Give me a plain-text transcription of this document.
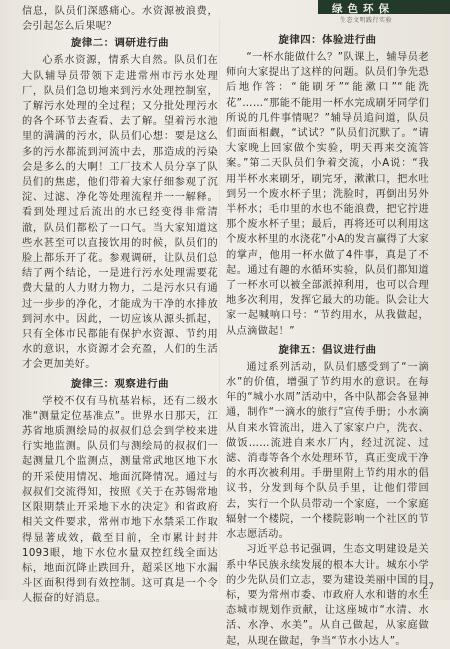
绿色环保
生态文明践行实验

信息，队员们深感痛心。水资源被浪费，会引起怎么后果呢？

旋律二：调研进行曲

心系水资源，情系大自然。队员们在大队辅导员带领下走进常州市污水处理厂，队员们急切地来到污水处理控制室，了解污水处理的全过程；又分批处理污水的各个环节去查看、去了解。望着污水池里的满满的污水，队员们心想：要是这么多的污水都流到河流中去，那造成的污染会是多么的大啊！工厂技术人员分享了队员们的焦虑，他们带着大家仔细参观了沉淀、过滤、净化等处理流程并一一解释。看到处理过后流出的水已经变得非常清澈，队员们都松了一口气。当大家知道这些水甚至可以直接饮用的时候，队员们的脸上都乐开了花。参观调研，让队员们总结了两个结论，一是进行污水处理需要花费大量的人力财力物力，二是污水只有通过一步步的净化，才能成为干净的水排放到河水中。因此，一切应该从源头抓起，只有全体市民都能有保护水资源、节约用水的意识，水资源才会充盈，人们的生活才会更加美好。

旋律三：观察进行曲

学校不仅有马杭基岩标，还有二级水准“测量定位基准点”。世界水日那天，江苏省地质测绘局的叔叔们总会到学校来进行实地监测。队员们与测绘局的叔叔们一起测量几个监测点，测量常武地区地下水的开采使用情况、地面沉降情况。通过与叔叔们交流得知，按照《关于在苏锡常地区限期禁止开采地下水的决定》和省政府相关文件要求，常州市地下水禁采工作取得显著成效，截至目前，全市累计封井1093眼，地下水位水量双控红线全面达标，地面沉降止跌回升，超采区地下水漏斗区面积得到有效控制。这可真是一个令人振奋的好消息。

旋律四：体验进行曲

“一杯水能做什么？”队课上，辅导员老师向大家提出了这样的问题。队员们争先恐后地作答：“能刷牙”“能漱口”“能洗花”……“那能不能用一杯水完成刷牙同学们所说的几件事情呢？”辅导员追问道，队员们面面相觑，“试试？”队员们沉默了。“请大家晚上回家做个实验，明天再来交流答案。”第二天队员们争着交流，小A说：“我用半杯水来刷牙，刷完牙，漱漱口，把水吐到另一个废水杯子里；洗脸时，再倒出另外半杯水；毛巾里的水也不能浪费，把它拧进那个废水杯子里；最后，再将还可以利用这个废水杯里的水浇花”小A的发言赢得了大家的掌声，他用一杯水做了4件事，真是了不起。通过有趣的水循环实验，队员们都知道了一杯水可以被全部派掉利用，也可以合理地多次利用，发挥它最大的功能。队会让大家一起喊响口号：“节约用水，从我做起，从点滴做起！”

旋律五：倡议进行曲

通过系列活动，队员们感受到了“一滴水”的价值，增强了节约用水的意识。在每年的“城小水周”活动中，各中队都会各显神通，制作“一滴水的旅行”宣传手册；小水滴从自来水管流出，进入了家家户户，洗衣、做饭……流进自来水厂内，经过沉淀、过滤、消毒等各个水处理环节，真正变成干净的水再次被利用。手册里附上节约用水的倡议书，分发到每个队员手里，让他们带回去，实行一个队员带动一个家庭，一个家庭辐射一个楼院，一个楼院影响一个社区的节水志愿活动。

习近平总书记强调，生态文明建设是关系中华民族永续发展的根本大计。城东小学的少先队员们立志，要为建设美丽中国的目标，要为常州市委、市政府人水和谐的水生态城市规划作贡献，让这座城市“水清、水活、水净、水美”。从自己做起，从家庭做起，从现在做起，争当“节水小达人”。

27
